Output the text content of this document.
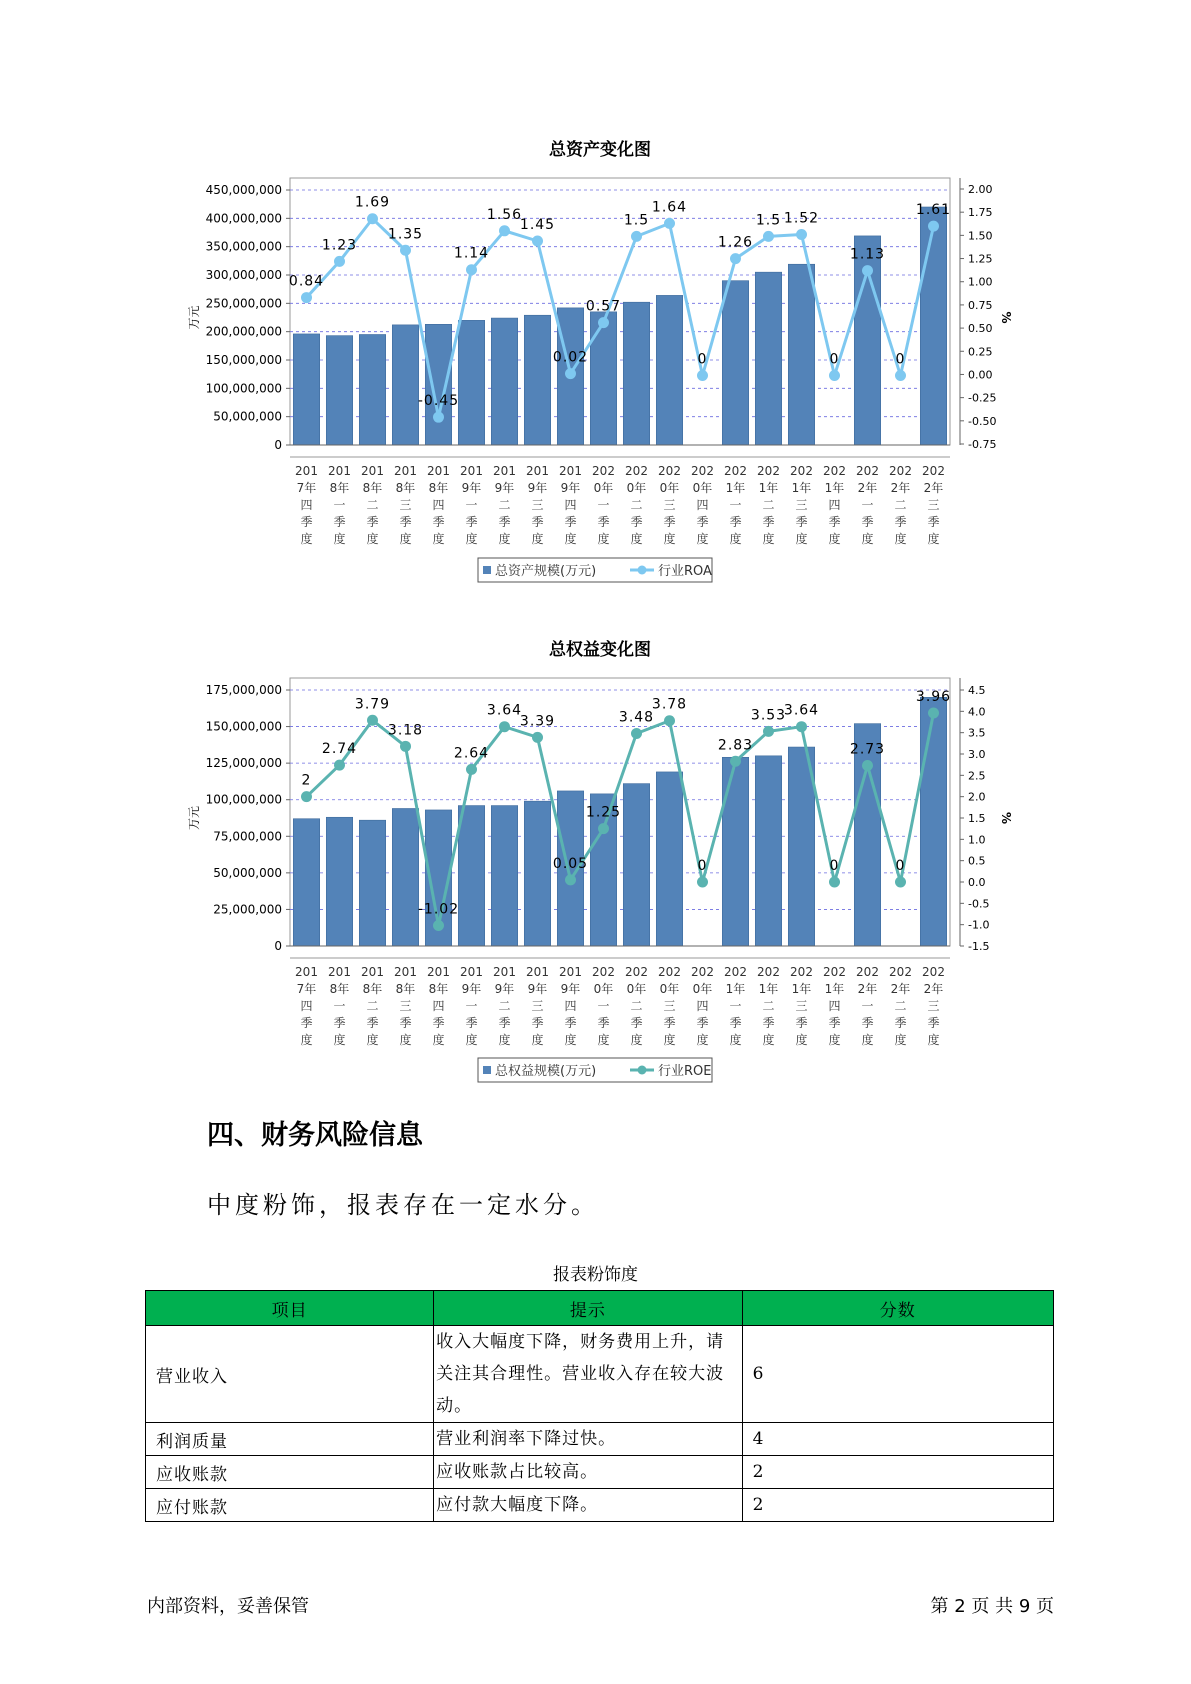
总资产变化图
0
50,000,000
100,000,000
150,000,000
200,000,000
250,000,000
300,000,000
350,000,000
400,000,000
450,000,000
-0.75
-0.50
-0.25
0.00
0.25
0.50
0.75
1.00
1.25
1.50
1.75
2.00
万元	%
0.84
1.23
1.69
1.35
-0.45
1.14
1.56
1.45
0.02
0.57
1.5
1.64
0
1.26
1.5 1.52
0
1.13
0
1.61
201
7年
四
季
度
201
8年
一
季
度
201
8年
二
季
度
201
8年
三
季
度
201
8年
四
季
度
201
9年
一
季
度
201
9年
二
季
度
201
9年
三
季
度
201
9年
四
季
度
202
0年
一
季
度
202
0年
二
季
度
202
0年
三
季
度
202
0年
四
季
度
202
1年
一
季
度
202
1年
二
季
度
202
1年
三
季
度
202
1年
四
季
度
202
2年
一
季
度
202
2年
二
季
度
202
2年
三
季
度
总资产规模(万元)	行业ROA
总权益变化图
0
25,000,000
50,000,000
75,000,000
100,000,000
125,000,000
150,000,000
175,000,000
-1.5
-1.0
-0.5
0.0
0.5
1.0
1.5
2.0
2.5
3.0
3.5
4.0
4.5
万元	%
2
2.74
3.79
3.18
-1.02
2.64
3.64
3.39
0.05
1.25
3.48
3.78
0
2.83
3.53
3.64
0
2.73
0
3.96
201
7年
四
季
度
201
8年
一
季
度
201
8年
二
季
度
201
8年
三
季
度
201
8年
四
季
度
201
9年
一
季
度
201
9年
二
季
度
201
9年
三
季
度
201
9年
四
季
度
202
0年
一
季
度
202
0年
二
季
度
202
0年
三
季
度
202
0年
四
季
度
202
1年
一
季
度
202
1年
二
季
度
202
1年
三
季
度
202
1年
四
季
度
202
2年
一
季
度
202
2年
二
季
度
202
2年
三
季
度
总权益规模(万元)	行业ROE
四、财务风险信息

中度粉饰，报表存在一定水分。

报表粉饰度
项目	提示	分数
营业收入	收入大幅度下降，财务费用上升，请关注其合理性。营业收入存在较大波动。	6
利润质量	营业利润率下降过快。	4
应收账款	应收账款占比较高。	2
应付账款	应付款大幅度下降。	2
内部资料，妥善保管	第 2 页 共 9 页
